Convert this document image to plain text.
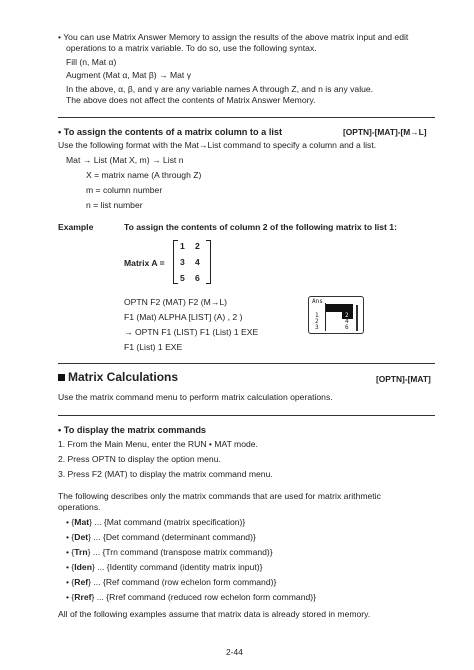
• You can use Matrix Answer Memory to assign the results of the above matrix input and edit
operations to a matrix variable. To do so, use the following syntax.
Fill (n, Mat α)
Augment (Mat α, Mat β) → Mat γ
In the above, α, β, and γ are any variable names A through Z, and n is any value.
The above does not affect the contents of Matrix Answer Memory.
• To assign the contents of a matrix column to a list	[OPTN]-[MAT]-[M→L]
Use the following format with the Mat→List command to specify a column and a list.
Mat → List (Mat X, m) → List n
X = matrix name (A through Z)
m = column number
n = list number
Example	To assign the contents of column 2 of the following matrix to list 1:
Matrix A =
1 2
3 4
5 6
OPTN F2 (MAT) F2 (M→L)
F1 (Mat) ALPHA [LIST] (A) , 2 )
→ OPTN F1 (LIST) F1 (List) 1 EXE
F1 (List) 1 EXE
Ans
1
2
3
2
4
6
Matrix Calculations	[OPTN]-[MAT]
Use the matrix command menu to perform matrix calculation operations.
• To display the matrix commands
1. From the Main Menu, enter the RUN • MAT mode.
2. Press OPTN to display the option menu.
3. Press F2 (MAT) to display the matrix command menu.
The following describes only the matrix commands that are used for matrix arithmetic
operations.
• {Mat} ... {Mat command (matrix specification)}
• {Det} ... {Det command (determinant command)}
• {Trn} ... {Trn command (transpose matrix command)}
• {Iden} ... {Identity command (identity matrix input)}
• {Ref} ... {Ref command (row echelon form command)}
• {Rref} ... {Rref command (reduced row echelon form command)}
All of the following examples assume that matrix data is already stored in memory.
2-44
